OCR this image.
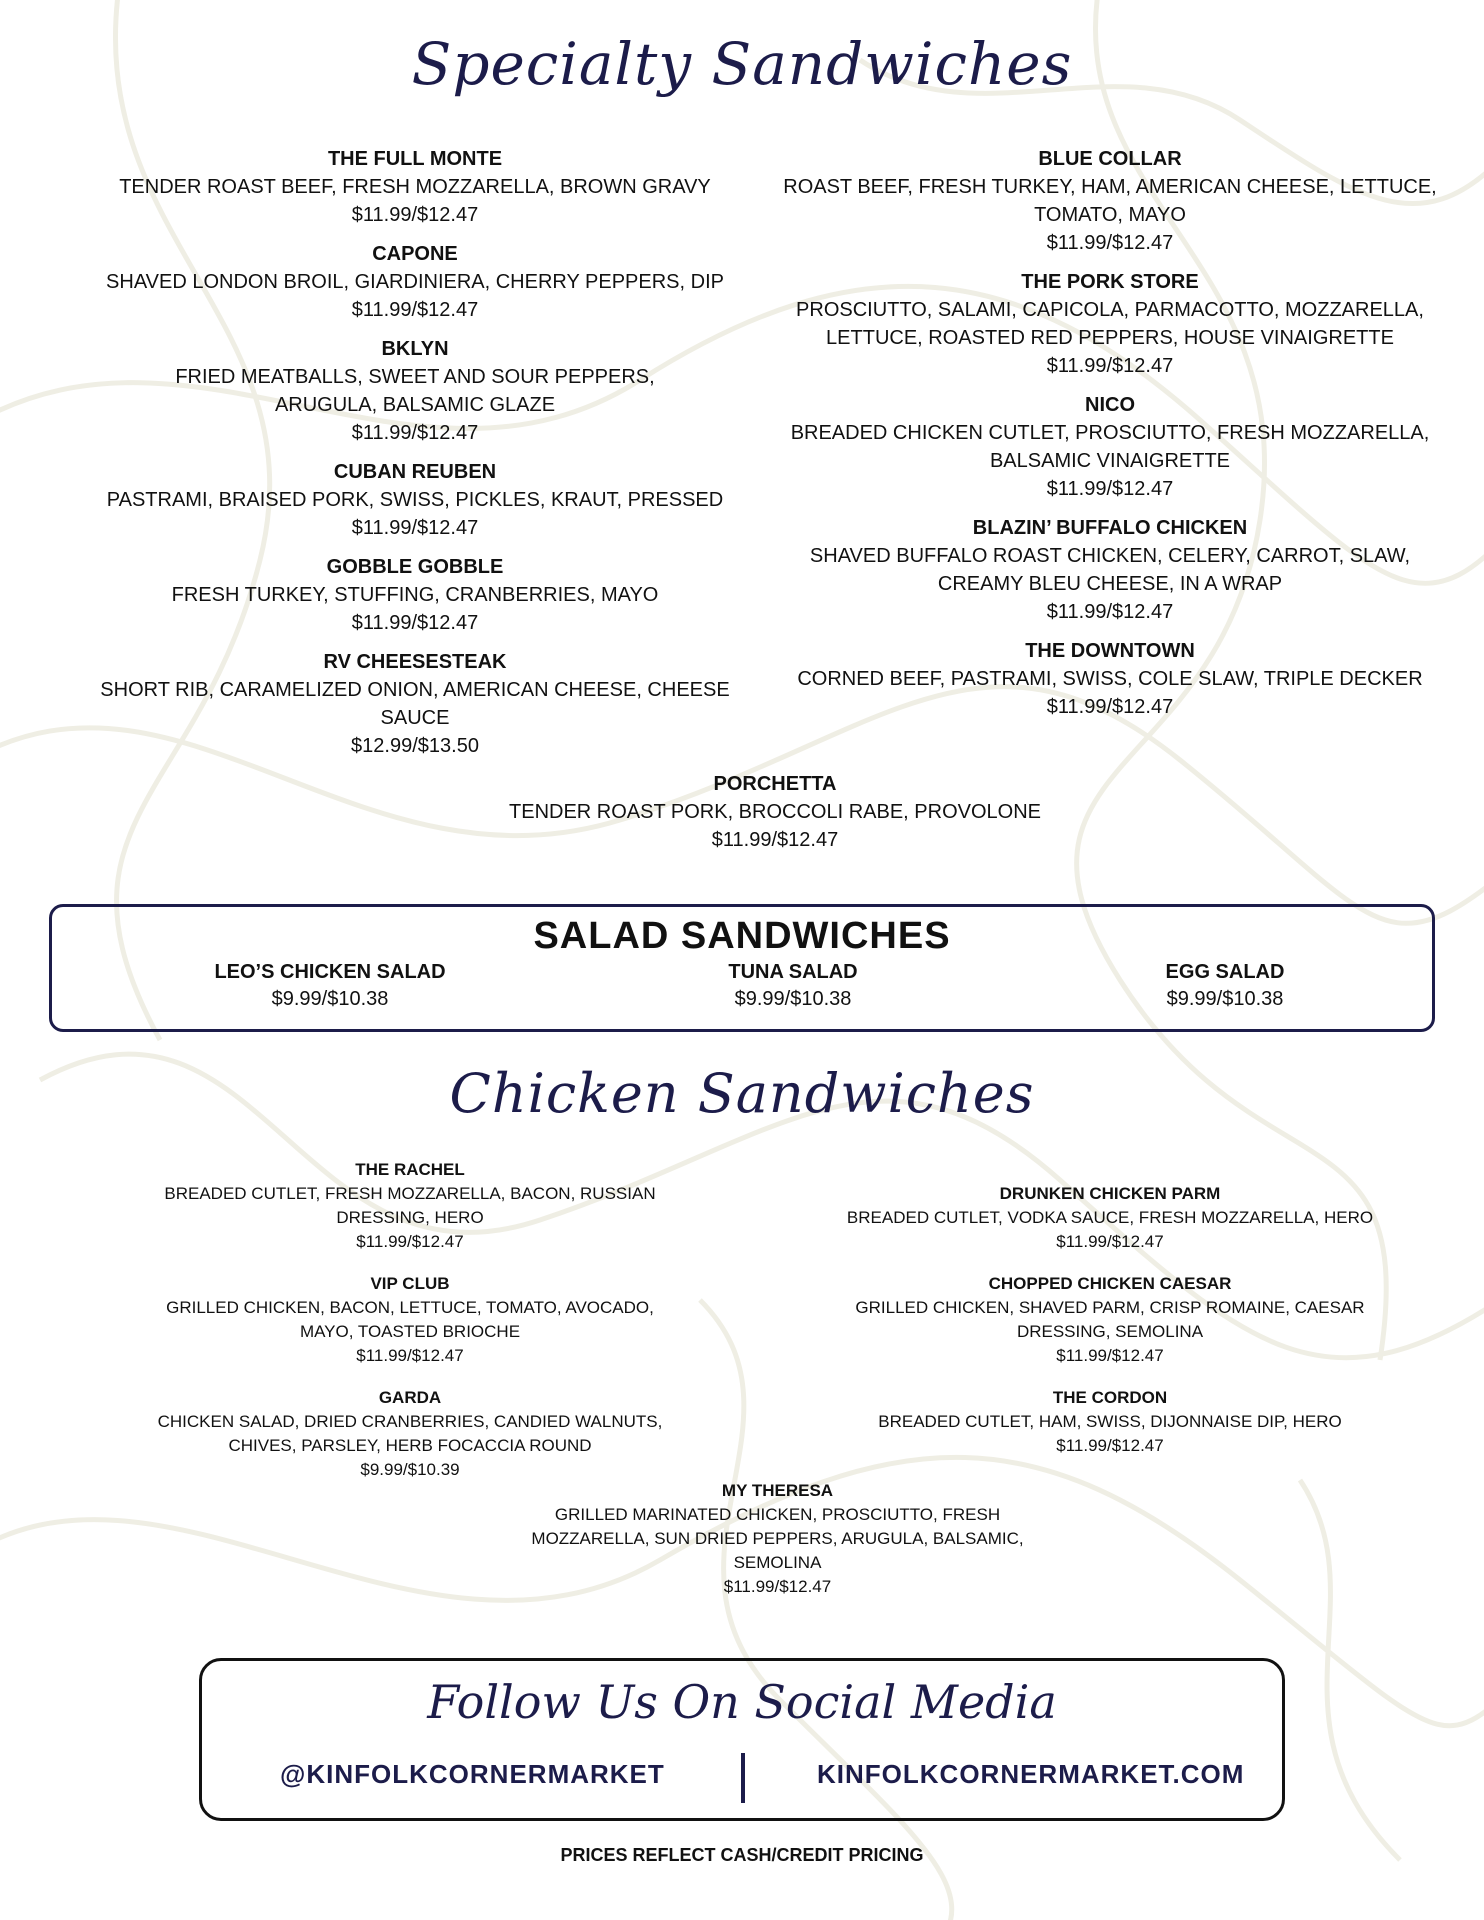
Specialty Sandwiches
THE FULL MONTE
TENDER ROAST BEEF, FRESH MOZZARELLA, BROWN GRAVY
$11.99/$12.47
CAPONE
SHAVED LONDON BROIL, GIARDINIERA, CHERRY PEPPERS, DIP
$11.99/$12.47
BKLYN
FRIED MEATBALLS, SWEET AND SOUR PEPPERS, ARUGULA, BALSAMIC GLAZE
$11.99/$12.47
CUBAN REUBEN
PASTRAMI, BRAISED PORK, SWISS, PICKLES, KRAUT, PRESSED
$11.99/$12.47
GOBBLE GOBBLE
FRESH TURKEY, STUFFING, CRANBERRIES, MAYO
$11.99/$12.47
RV CHEESESTEAK
SHORT RIB, CARAMELIZED ONION, AMERICAN CHEESE, CHEESE SAUCE
$12.99/$13.50
BLUE COLLAR
ROAST BEEF, FRESH TURKEY, HAM, AMERICAN CHEESE, LETTUCE, TOMATO, MAYO
$11.99/$12.47
THE PORK STORE
PROSCIUTTO, SALAMI, CAPICOLA, PARMACOTTO, MOZZARELLA, LETTUCE, ROASTED RED PEPPERS, HOUSE VINAIGRETTE
$11.99/$12.47
NICO
BREADED CHICKEN CUTLET, PROSCIUTTO, FRESH MOZZARELLA, BALSAMIC VINAIGRETTE
$11.99/$12.47
BLAZIN’ BUFFALO CHICKEN
SHAVED BUFFALO ROAST CHICKEN, CELERY, CARROT, SLAW, CREAMY BLEU CHEESE, IN A WRAP
$11.99/$12.47
THE DOWNTOWN
CORNED BEEF, PASTRAMI, SWISS, COLE SLAW, TRIPLE DECKER
$11.99/$12.47
PORCHETTA
TENDER ROAST PORK, BROCCOLI RABE, PROVOLONE
$11.99/$12.47
SALAD SANDWICHES
LEO’S CHICKEN SALAD
$9.99/$10.38
TUNA SALAD
$9.99/$10.38
EGG SALAD
$9.99/$10.38
Chicken Sandwiches
THE RACHEL
BREADED CUTLET, FRESH MOZZARELLA, BACON, RUSSIAN DRESSING, HERO
$11.99/$12.47
VIP CLUB
GRILLED CHICKEN, BACON, LETTUCE, TOMATO, AVOCADO, MAYO, TOASTED BRIOCHE
$11.99/$12.47
GARDA
CHICKEN SALAD, DRIED CRANBERRIES, CANDIED WALNUTS, CHIVES, PARSLEY, HERB FOCACCIA ROUND
$9.99/$10.39
DRUNKEN CHICKEN PARM
BREADED CUTLET, VODKA SAUCE, FRESH MOZZARELLA, HERO
$11.99/$12.47
CHOPPED CHICKEN CAESAR
GRILLED CHICKEN, SHAVED PARM, CRISP ROMAINE, CAESAR DRESSING, SEMOLINA
$11.99/$12.47
THE CORDON
BREADED CUTLET, HAM, SWISS, DIJONNAISE DIP, HERO
$11.99/$12.47
MY THERESA
GRILLED MARINATED CHICKEN, PROSCIUTTO, FRESH MOZZARELLA, SUN DRIED PEPPERS, ARUGULA, BALSAMIC, SEMOLINA
$11.99/$12.47
Follow Us On Social Media
@KINFOLKCORNERMARKET	KINFOLKCORNERMARKET.COM
PRICES REFLECT CASH/CREDIT PRICING
